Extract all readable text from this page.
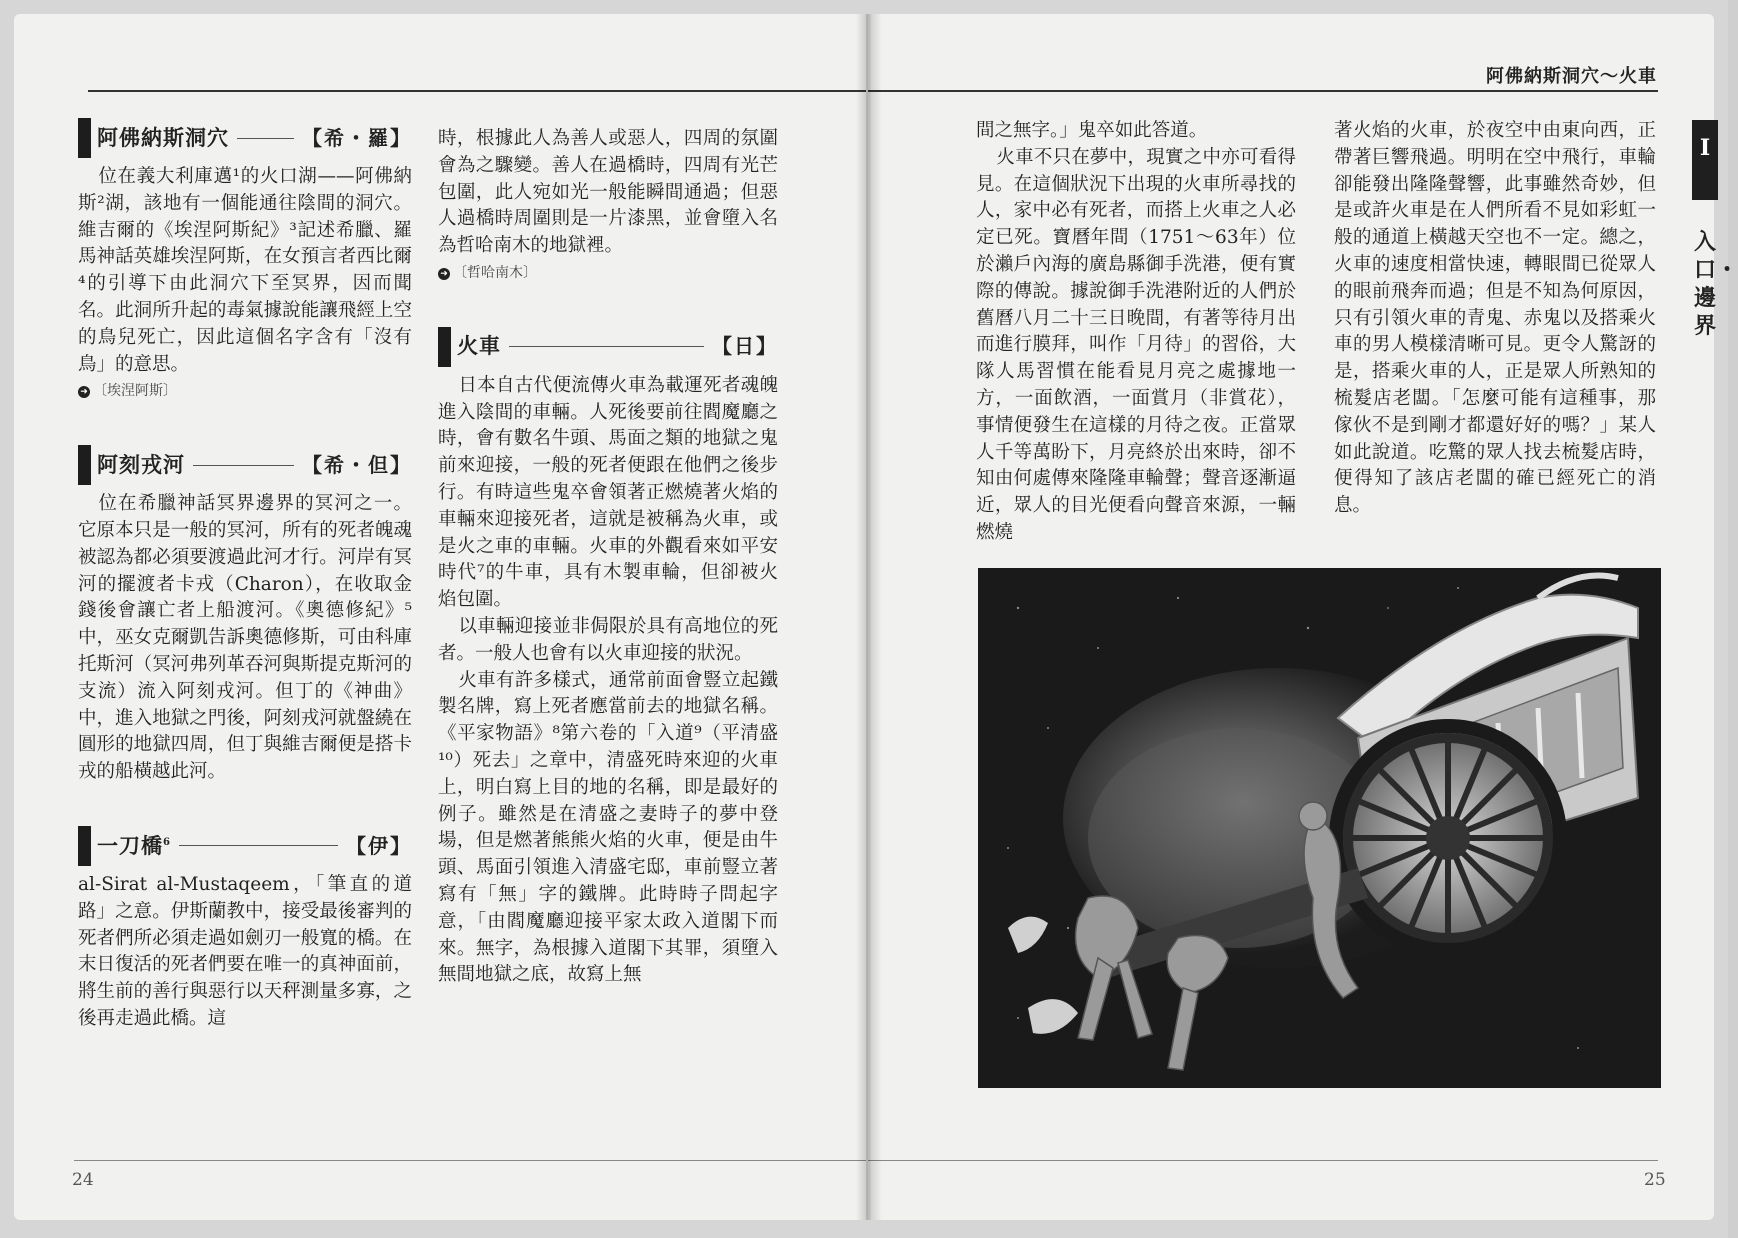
阿佛納斯洞穴	【希・羅】

位在義大利庫邁¹的火口湖——阿佛納斯²湖，該地有一個能通往陰間的洞穴。維吉爾的《埃涅阿斯紀》³記述希臘、羅馬神話英雄埃涅阿斯，在女預言者西比爾⁴的引導下由此洞穴下至冥界，因而聞名。此洞所升起的毒氣據說能讓飛經上空的鳥兒死亡，因此這個名字含有「沒有鳥」的意思。

➜ 〔埃涅阿斯〕

阿刻戎河	【希・但】

位在希臘神話冥界邊界的冥河之一。它原本只是一般的冥河，所有的死者魄魂被認為都必須要渡過此河才行。河岸有冥河的擺渡者卡戎（Charon），在收取金錢後會讓亡者上船渡河。《奧德修紀》⁵中，巫女克爾凱告訴奧德修斯，可由科庫托斯河（冥河弗列革吞河與斯提克斯河的支流）流入阿刻戎河。但丁的《神曲》中，進入地獄之門後，阿刻戎河就盤繞在圓形的地獄四周，但丁與維吉爾便是搭卡戎的船橫越此河。

一刀橋$^6$	【伊】

al-Sirat al-Mustaqeem，「筆直的道路」之意。伊斯蘭教中，接受最後審判的死者們所必須走過如劍刃一般寬的橋。在末日復活的死者們要在唯一的真神面前，將生前的善行與惡行以天秤測量多寡，之後再走過此橋。這

時，根據此人為善人或惡人，四周的氛圍會為之驟變。善人在過橋時，四周有光芒包圍，此人宛如光一般能瞬間通過；但惡人過橋時周圍則是一片漆黑，並會墮入名為哲哈南木的地獄裡。

➜ 〔哲哈南木〕

火車	【日】

日本自古代便流傳火車為載運死者魂魄進入陰間的車輛。人死後要前往閻魔廳之時，會有數名牛頭、馬面之類的地獄之鬼前來迎接，一般的死者便跟在他們之後步行。有時這些鬼卒會領著正燃燒著火焰的車輛來迎接死者，這就是被稱為火車，或是火之車的車輛。火車的外觀看來如平安時代⁷的牛車，具有木製車輪，但卻被火焰包圍。

以車輛迎接並非侷限於具有高地位的死者。一般人也會有以火車迎接的狀況。

火車有許多樣式，通常前面會豎立起鐵製名牌，寫上死者應當前去的地獄名稱。《平家物語》⁸第六卷的「入道⁹（平清盛¹⁰）死去」之章中，清盛死時來迎的火車上，明白寫上目的地的名稱，即是最好的例子。雖然是在清盛之妻時子的夢中登場，但是燃著熊熊火焰的火車，便是由牛頭、馬面引領進入清盛宅邸，車前豎立著寫有「無」字的鐵牌。此時時子問起字意，「由閻魔廳迎接平家太政入道閣下而來。無字，為根據入道閣下其罪，須墮入無間地獄之底，故寫上無

24
阿佛納斯洞穴～火車
I
入口・邊界

間之無字。」鬼卒如此答道。

火車不只在夢中，現實之中亦可看得見。在這個狀況下出現的火車所尋找的人，家中必有死者，而搭上火車之人必定已死。寶曆年間（1751～63年）位於瀨戶內海的廣島縣御手洗港，便有實際的傳說。據說御手洗港附近的人們於舊曆八月二十三日晚間，有著等待月出而進行膜拜，叫作「月待」的習俗，大隊人馬習慣在能看見月亮之處據地一方，一面飲酒，一面賞月（非賞花），事情便發生在這樣的月待之夜。正當眾人千等萬盼下，月亮終於出來時，卻不知由何處傳來隆隆車輪聲；聲音逐漸逼近，眾人的目光便看向聲音來源，一輛燃燒

著火焰的火車，於夜空中由東向西，正帶著巨響飛過。明明在空中飛行，車輪卻能發出隆隆聲響，此事雖然奇妙，但是或許火車是在人們所看不見如彩虹一般的通道上橫越天空也不一定。總之，火車的速度相當快速，轉眼間已從眾人的眼前飛奔而過；但是不知為何原因，只有引領火車的青鬼、赤鬼以及搭乘火車的男人模樣清晰可見。更令人驚訝的是，搭乘火車的人，正是眾人所熟知的梳髮店老闆。「怎麼可能有這種事，那傢伙不是到剛才都還好好的嗎？」某人如此說道。吃驚的眾人找去梳髮店時，便得知了該店老闆的確已經死亡的消息。

25
